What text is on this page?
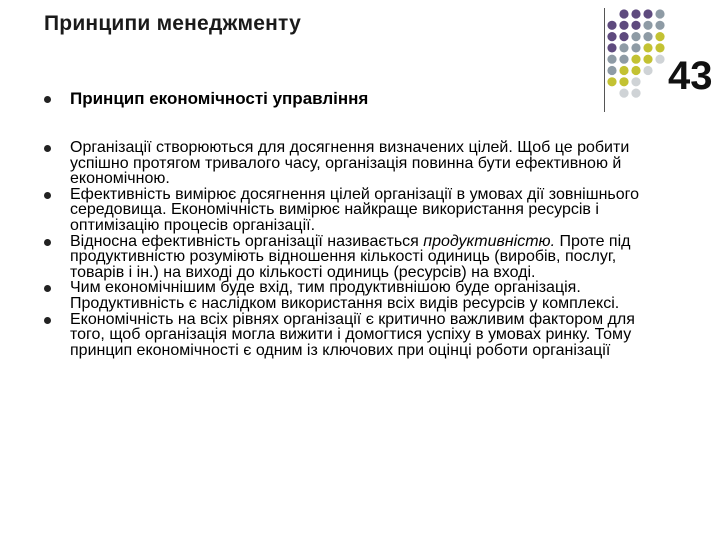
Принципи менеджменту
43
Принцип економічності управління
Організації створюються для досягнення визначених цілей. Щоб це робити успішно протягом тривалого часу, організація повинна бути ефективною й економічною.
Ефективність вимірює досягнення цілей організації в умовах дії зовнішнього середовища. Економічність вимірює найкраще використання ресурсів і оптимізацію процесів організації.
Відносна ефективність організації називається продуктивністю. Проте під продуктивністю розуміють відношення кількості одиниць (виробів, послуг, товарів і ін.) на виході до кількості одиниць (ресурсів) на вході.
Чим економічнішим буде вхід, тим продуктивнішою буде організація. Продуктивність є наслідком використання всіх видів ресурсів у комплексі.
Економічність на всіх рівнях організації є критично важливим фактором для того, щоб організація могла вижити і домогтися успіху в умовах ринку. Тому принцип економічності є одним із ключових при оцінці роботи організації
